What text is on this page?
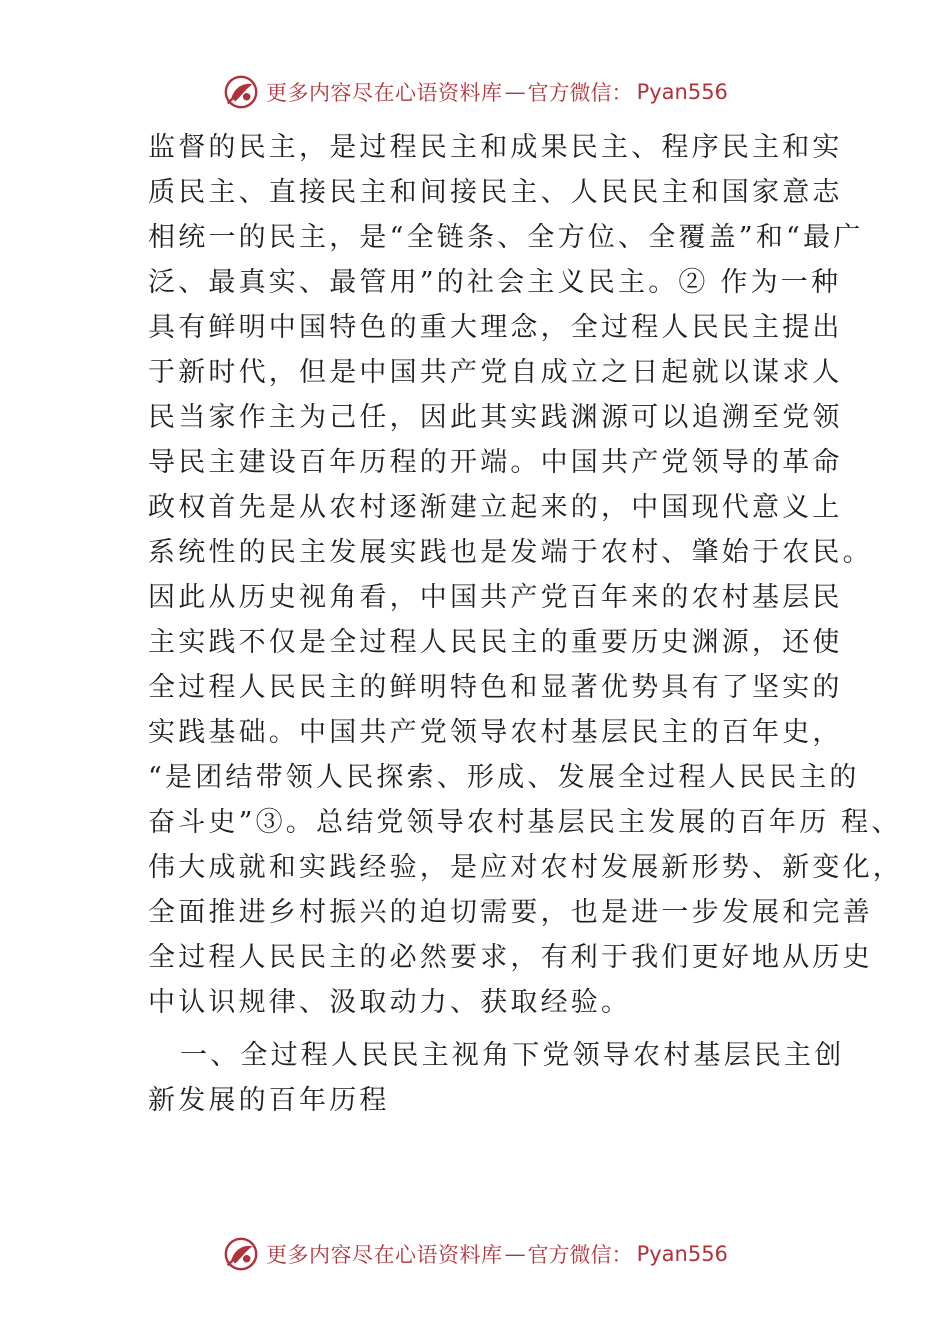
更多内容尽在心语资料库 — 官方微信： Pyan556
监督的民主，是过程民主和成果民主、程序民主和实
质民主、直接民主和间接民主、人民民主和国家意志
相统一的民主，是“全链条、全方位、全覆盖”和“最广
泛、最真实、最管用”的社会主义民主。② 作为一种
具有鲜明中国特色的重大理念，全过程人民民主提出
于新时代，但是中国共产党自成立之日起就以谋求人
民当家作主为己任，因此其实践渊源可以追溯至党领
导民主建设百年历程的开端。中国共产党领导的革命
政权首先是从农村逐渐建立起来的，中国现代意义上
系统性的民主发展实践也是发端于农村、肇始于农民。
因此从历史视角看，中国共产党百年来的农村基层民
主实践不仅是全过程人民民主的重要历史渊源，还使
全过程人民民主的鲜明特色和显著优势具有了坚实的
实践基础。中国共产党领导农村基层民主的百年史，
“是团结带领人民探索、形成、发展全过程人民民主的
奋斗史”③。总结党领导农村基层民主发展的百年历 程、
伟大成就和实践经验，是应对农村发展新形势、新变化，
全面推进乡村振兴的迫切需要，也是进一步发展和完善
全过程人民民主的必然要求，有利于我们更好地从历史
中认识规律、汲取动力、获取经验。
一、全过程人民民主视角下党领导农村基层民主创
新发展的百年历程
更多内容尽在心语资料库 — 官方微信： Pyan556
